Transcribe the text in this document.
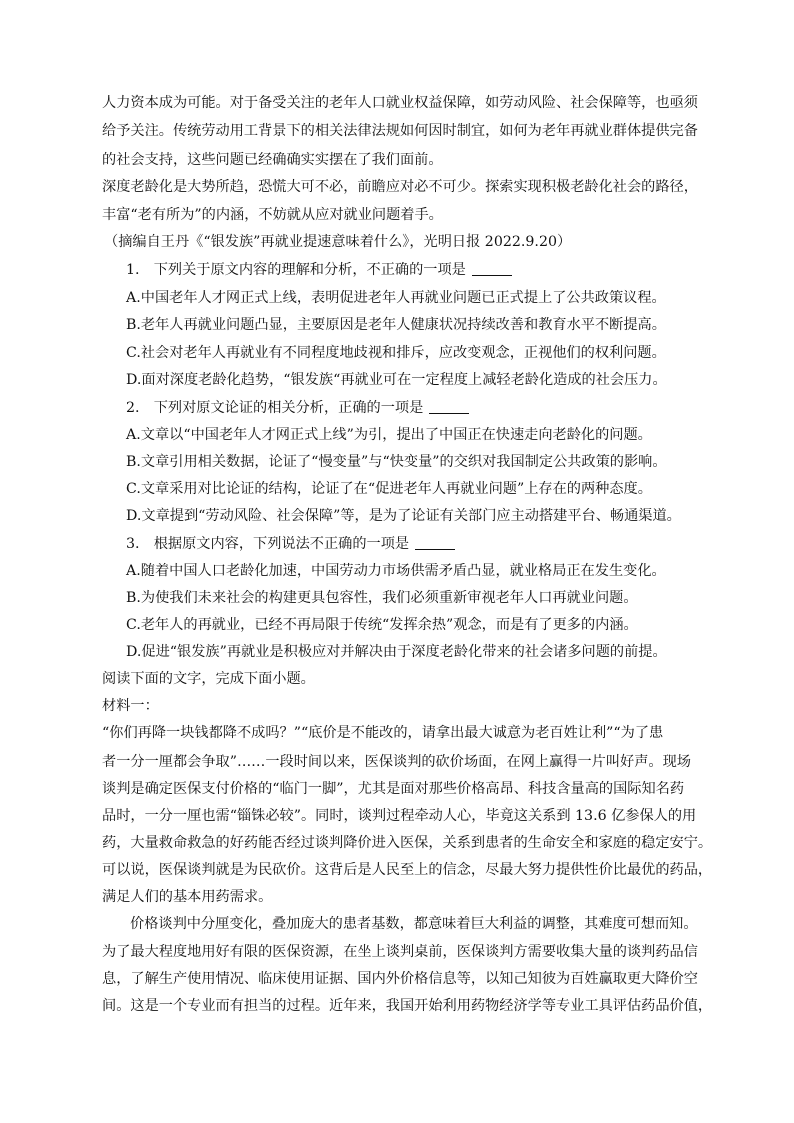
人力资本成为可能。对于备受关注的老年人口就业权益保障，如劳动风险、社会保障等，也亟须
给予关注。传统劳动用工背景下的相关法律法规如何因时制宜，如何为老年再就业群体提供完备
的社会支持，这些问题已经确确实实摆在了我们面前。
深度老龄化是大势所趋，恐慌大可不必，前瞻应对必不可少。探索实现积极老龄化社会的路径，
丰富“老有所为”的内涵，不妨就从应对就业问题着手。
（摘编自王丹《“银发族”再就业提速意味着什么》，光明日报 2022.9.20）
1.　下列关于原文内容的理解和分析，不正确的一项是
A.中国老年人才网正式上线，表明促进老年人再就业问题已正式提上了公共政策议程。
B.老年人再就业问题凸显，主要原因是老年人健康状况持续改善和教育水平不断提高。
C.社会对老年人再就业有不同程度地歧视和排斥，应改变观念，正视他们的权利问题。
D.面对深度老龄化趋势，“银发族“再就业可在一定程度上减轻老龄化造成的社会压力。
2.　下列对原文论证的相关分析，正确的一项是
A.文章以“中国老年人才网正式上线”为引，提出了中国正在快速走向老龄化的问题。
B.文章引用相关数据，论证了“慢变量”与“快变量”的交织对我国制定公共政策的影响。
C.文章采用对比论证的结构，论证了在“促进老年人再就业问题”上存在的两种态度。
D.文章提到“劳动风险、社会保障”等，是为了论证有关部门应主动搭建平台、畅通渠道。
3.　根据原文内容，下列说法不正确的一项是
A.随着中国人口老龄化加速，中国劳动力市场供需矛盾凸显，就业格局正在发生变化。
B.为使我们未来社会的构建更具包容性，我们必须重新审视老年人口再就业问题。
C.老年人的再就业，已经不再局限于传统“发挥余热”观念，而是有了更多的内涵。
D.促进“银发族”再就业是积极应对并解决由于深度老龄化带来的社会诸多问题的前提。
阅读下面的文字，完成下面小题。
材料一：
“你们再降一块钱都降不成吗？”“底价是不能改的，请拿出最大诚意为老百姓让利”“为了患
者一分一厘都会争取”……一段时间以来，医保谈判的砍价场面，在网上赢得一片叫好声。现场
谈判是确定医保支付价格的“临门一脚”，尤其是面对那些价格高昂、科技含量高的国际知名药
品时，一分一厘也需“锱铢必较”。同时，谈判过程牵动人心，毕竟这关系到 13.6 亿参保人的用
药，大量救命救急的好药能否经过谈判降价进入医保，关系到患者的生命安全和家庭的稳定安宁。
可以说，医保谈判就是为民砍价。这背后是人民至上的信念，尽最大努力提供性价比最优的药品，
满足人们的基本用药需求。
价格谈判中分厘变化，叠加庞大的患者基数，都意味着巨大利益的调整，其难度可想而知。
为了最大程度地用好有限的医保资源，在坐上谈判桌前，医保谈判方需要收集大量的谈判药品信
息，了解生产使用情况、临床使用证据、国内外价格信息等，以知己知彼为百姓赢取更大降价空
间。这是一个专业而有担当的过程。近年来，我国开始利用药物经济学等专业工具评估药品价值，
